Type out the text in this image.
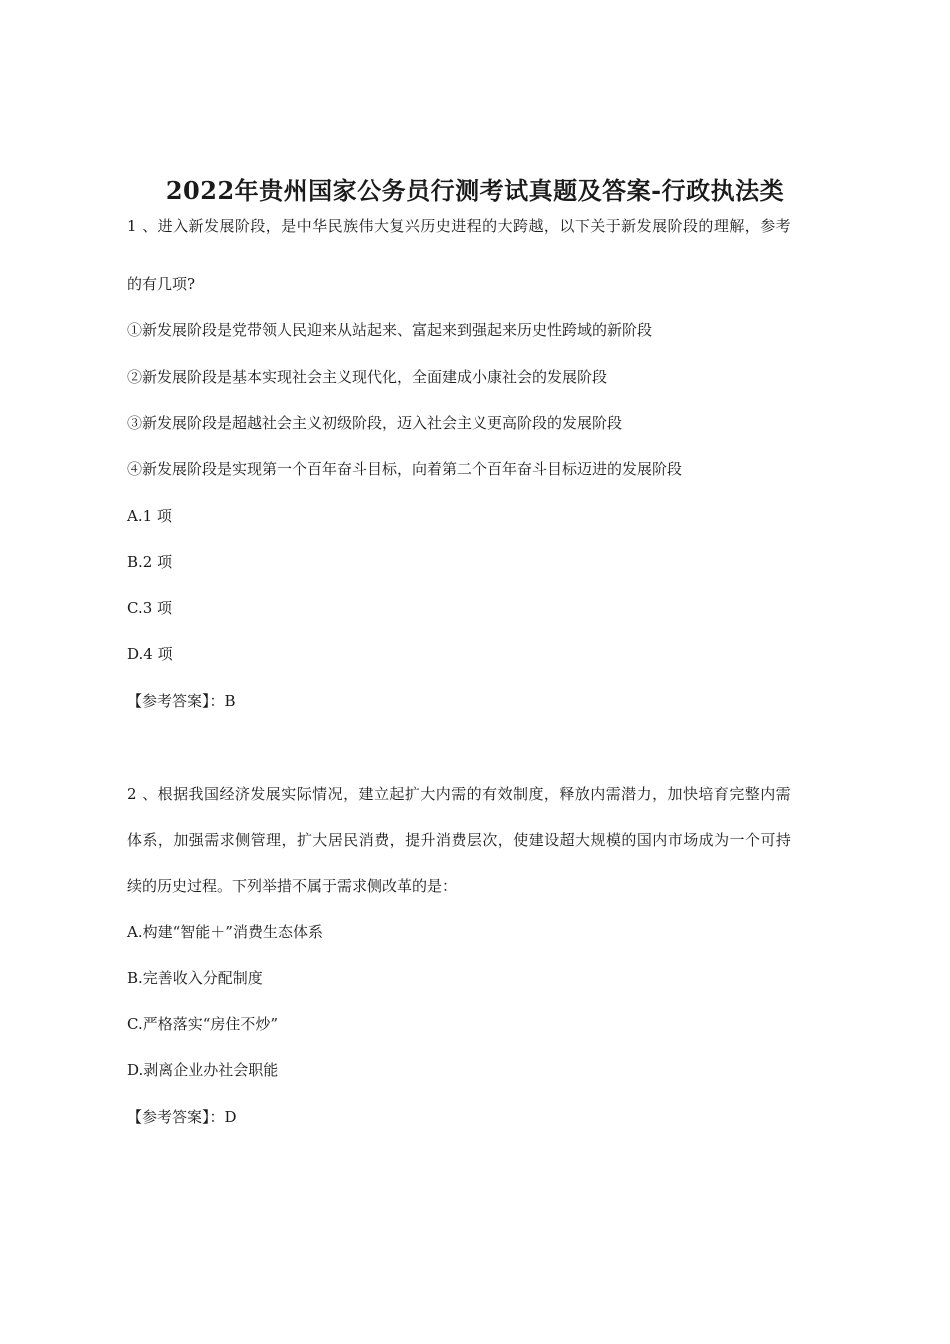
2022年贵州国家公务员行测考试真题及答案-行政执法类

1 、进入新发展阶段，是中华民族伟大复兴历史进程的大跨越，以下关于新发展阶段的理解，参考

的有几项?

①新发展阶段是党带领人民迎来从站起来、富起来到强起来历史性跨域的新阶段

②新发展阶段是基本实现社会主义现代化，全面建成小康社会的发展阶段

③新发展阶段是超越社会主义初级阶段，迈入社会主义更高阶段的发展阶段

④新发展阶段是实现第一个百年奋斗目标，向着第二个百年奋斗目标迈进的发展阶段

A.1 项

B.2 项

C.3 项

D.4 项

【参考答案】：B

2 、根据我国经济发展实际情况，建立起扩大内需的有效制度，释放内需潜力，加快培育完整内需

体系，加强需求侧管理，扩大居民消费，提升消费层次，使建设超大规模的国内市场成为一个可持

续的历史过程。下列举措不属于需求侧改革的是：

A.构建“智能＋”消费生态体系

B.完善收入分配制度

C.严格落实“房住不炒”

D.剥离企业办社会职能

【参考答案】：D
